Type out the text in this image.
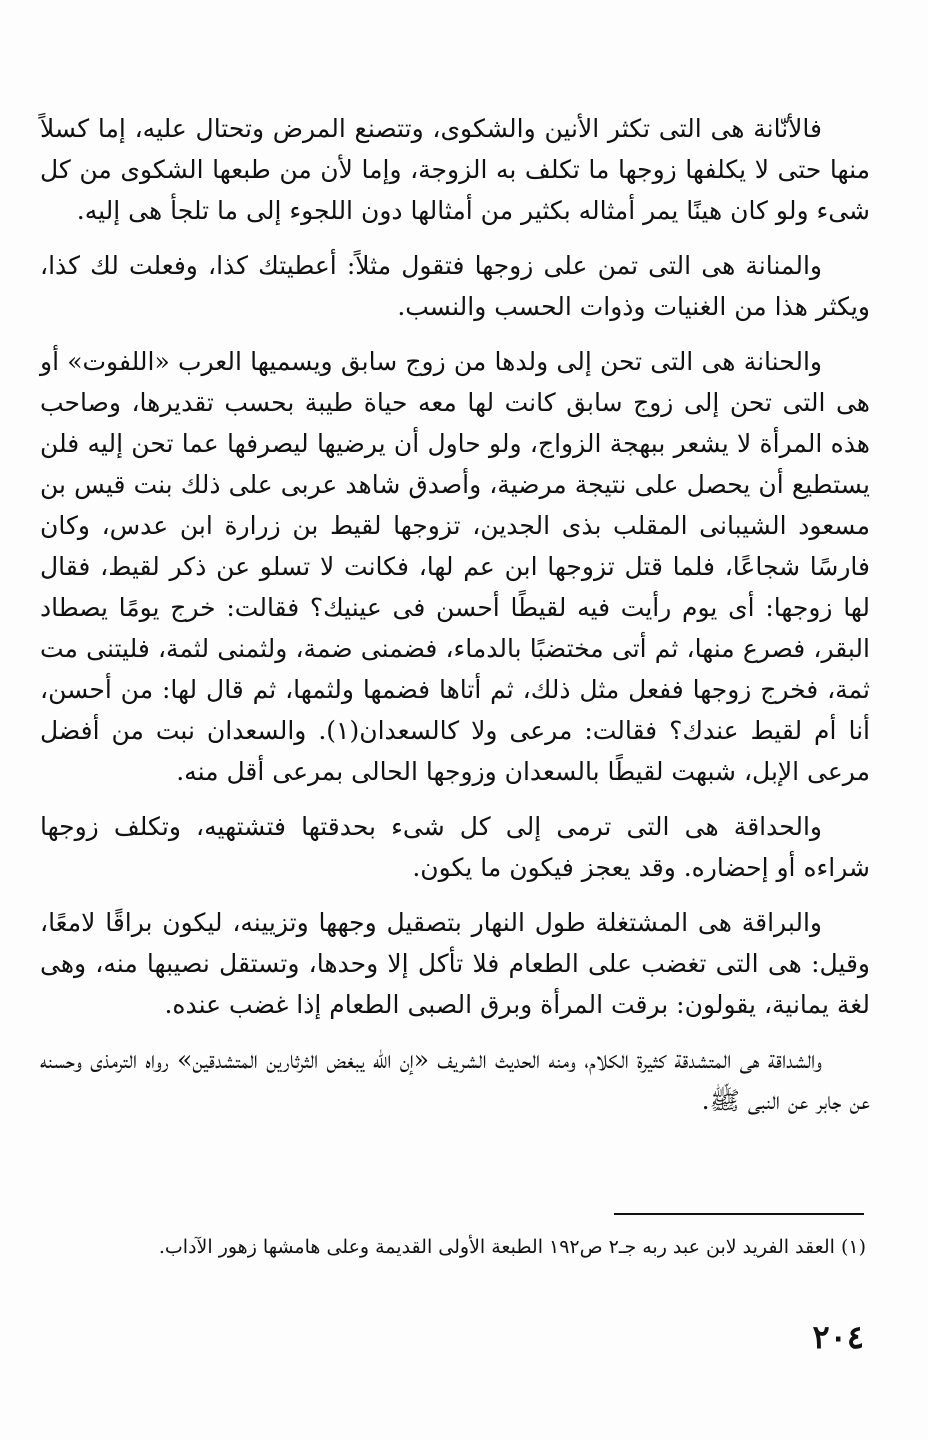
فالأنّانة هى التى تكثر الأنين والشكوى، وتتصنع المرض وتحتال عليه، إما كسلاً منها حتى لا يكلفها زوجها ما تكلف به الزوجة، وإما لأن من طبعها الشكوى من كل شىء ولو كان هينًا يمر أمثاله بكثير من أمثالها دون اللجوء إلى ما تلجأ هى إليه.

والمنانة هى التى تمن على زوجها فتقول مثلاً: أعطيتك كذا، وفعلت لك كذا، ويكثر هذا من الغنيات وذوات الحسب والنسب.

والحنانة هى التى تحن إلى ولدها من زوج سابق ويسميها العرب «اللفوت» أو هى التى تحن إلى زوج سابق كانت لها معه حياة طيبة بحسب تقديرها، وصاحب هذه المرأة لا يشعر ببهجة الزواج، ولو حاول أن يرضيها ليصرفها عما تحن إليه فلن يستطيع أن يحصل على نتيجة مرضية، وأصدق شاهد عربى على ذلك بنت قيس بن مسعود الشيبانى المقلب بذى الجدين، تزوجها لقيط بن زرارة ابن عدس، وكان فارسًا شجاعًا، فلما قتل تزوجها ابن عم لها، فكانت لا تسلو عن ذكر لقيط، فقال لها زوجها: أى يوم رأيت فيه لقيطًا أحسن فى عينيك؟ فقالت: خرج يومًا يصطاد البقر، فصرع منها، ثم أتى مختضبًا بالدماء، فضمنى ضمة، ولثمنى لثمة، فليتنى مت ثمة، فخرج زوجها ففعل مثل ذلك، ثم أتاها فضمها ولثمها، ثم قال لها: من أحسن، أنا أم لقيط عندك؟ فقالت: مرعى ولا كالسعدان(١). والسعدان نبت من أفضل مرعى الإبل، شبهت لقيطًا بالسعدان وزوجها الحالى بمرعى أقل منه.

والحداقة هى التى ترمى إلى كل شىء بحدقتها فتشتهيه، وتكلف زوجها شراءه أو إحضاره. وقد يعجز فيكون ما يكون.

والبراقة هى المشتغلة طول النهار بتصقيل وجهها وتزيينه، ليكون براقًا لامعًا، وقيل: هى التى تغضب على الطعام فلا تأكل إلا وحدها، وتستقل نصيبها منه، وهى لغة يمانية، يقولون: برقت المرأة وبرق الصبى الطعام إذا غضب عنده.

والشداقة هى المتشدقة كثيرة الكلام، ومنه الحديث الشريف «إن الله يبغض الثرثارين المتشدقين» رواه الترمذى وحسنه عن جابر عن النبى ﷺ.

(١) العقد الفريد لابن عبد ربه جـ٢ ص١٩٢ الطبعة الأولى القديمة وعلى هامشها زهور الآداب.

٢٠٤
